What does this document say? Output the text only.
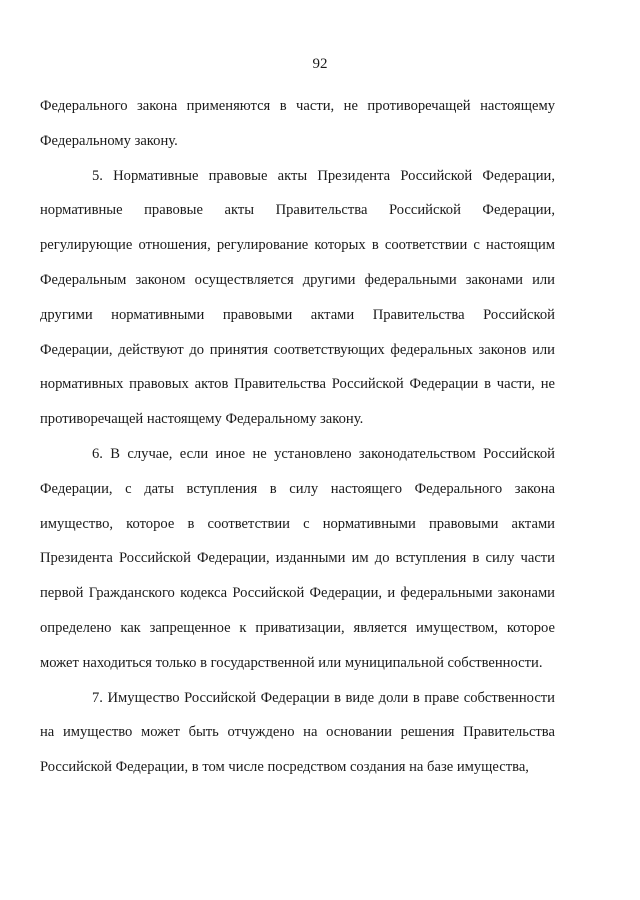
92

Федерального закона применяются в части, не противоречащей настоящему Федеральному закону.

5. Нормативные правовые акты Президента Российской Федерации, нормативные правовые акты Правительства Российской Федерации, регулирующие отношения, регулирование которых в соответствии с настоящим Федеральным законом осуществляется другими федеральными законами или другими нормативными правовыми актами Правительства Российской Федерации, действуют до принятия соответствующих федеральных законов или нормативных правовых актов Правительства Российской Федерации в части, не противоречащей настоящему Федеральному закону.

6. В случае, если иное не установлено законодательством Российской Федерации, с даты вступления в силу настоящего Федерального закона имущество, которое в соответствии с нормативными правовыми актами Президента Российской Федерации, изданными им до вступления в силу части первой Гражданского кодекса Российской Федерации, и федеральными законами определено как запрещенное к приватизации, является имуществом, которое может находиться только в государственной или муниципальной собственности.

7. Имущество Российской Федерации в виде доли в праве собственности на имущество может быть отчуждено на основании решения Правительства Российской Федерации, в том числе посредством создания на базе имущества,
